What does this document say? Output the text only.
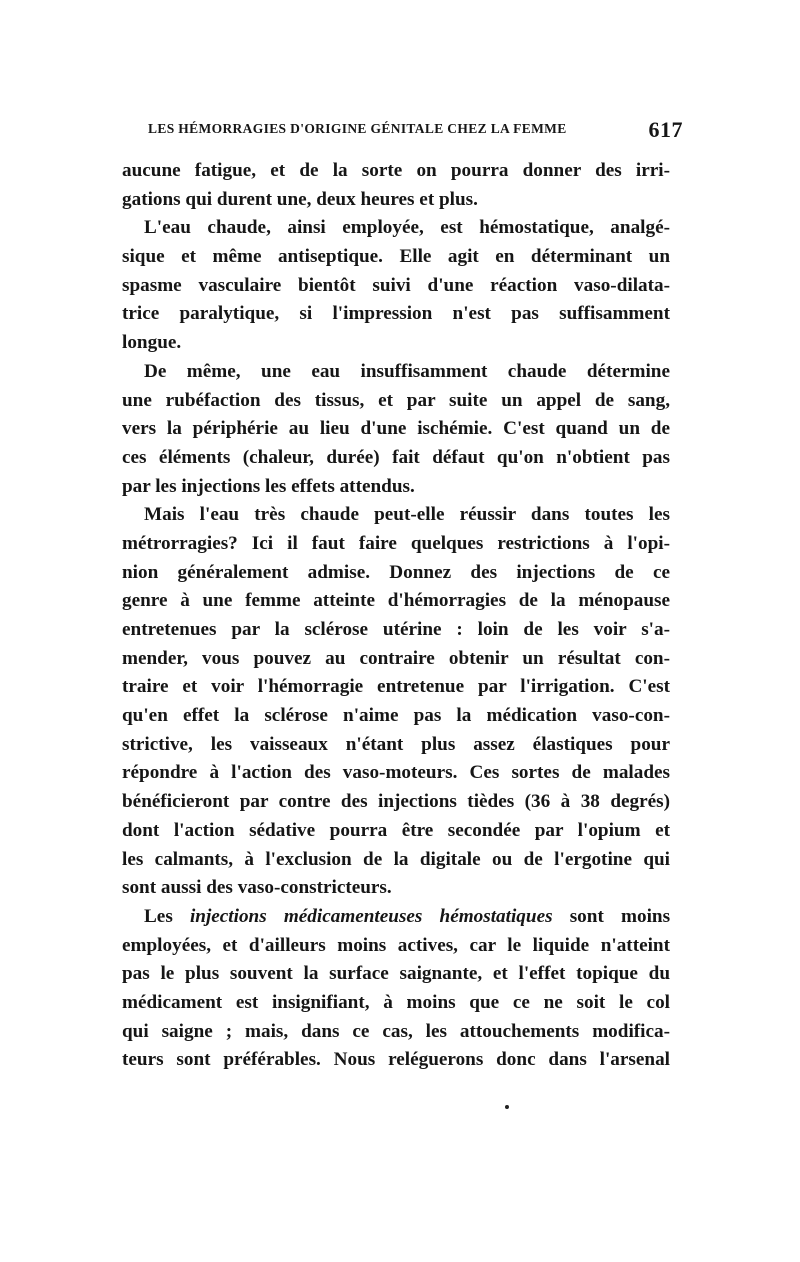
LES HÉMORRAGIES D'ORIGINE GÉNITALE CHEZ LA FEMME	617
aucune fatigue, et de la sorte on pourra donner des irri-
gations qui durent une, deux heures et plus.
L'eau chaude, ainsi employée, est hémostatique, analgé-
sique et même antiseptique. Elle agit en déterminant un
spasme vasculaire bientôt suivi d'une réaction vaso-dilata-
trice paralytique, si l'impression n'est pas suffisamment
longue.
De même, une eau insuffisamment chaude détermine
une rubéfaction des tissus, et par suite un appel de sang,
vers la périphérie au lieu d'une ischémie. C'est quand un de
ces éléments (chaleur, durée) fait défaut qu'on n'obtient pas
par les injections les effets attendus.
Mais l'eau très chaude peut-elle réussir dans toutes les
métrorragies? Ici il faut faire quelques restrictions à l'opi-
nion généralement admise. Donnez des injections de ce
genre à une femme atteinte d'hémorragies de la ménopause
entretenues par la sclérose utérine : loin de les voir s'a-
mender, vous pouvez au contraire obtenir un résultat con-
traire et voir l'hémorragie entretenue par l'irrigation. C'est
qu'en effet la sclérose n'aime pas la médication vaso-con-
strictive, les vaisseaux n'étant plus assez élastiques pour
répondre à l'action des vaso-moteurs. Ces sortes de malades
bénéficieront par contre des injections tièdes (36 à 38 degrés)
dont l'action sédative pourra être secondée par l'opium et
les calmants, à l'exclusion de la digitale ou de l'ergotine qui
sont aussi des vaso-constricteurs.
Les injections médicamenteuses hémostatiques sont moins
employées, et d'ailleurs moins actives, car le liquide n'atteint
pas le plus souvent la surface saignante, et l'effet topique du
médicament est insignifiant, à moins que ce ne soit le col
qui saigne ; mais, dans ce cas, les attouchements modifica-
teurs sont préférables. Nous reléguerons donc dans l'arsenal
